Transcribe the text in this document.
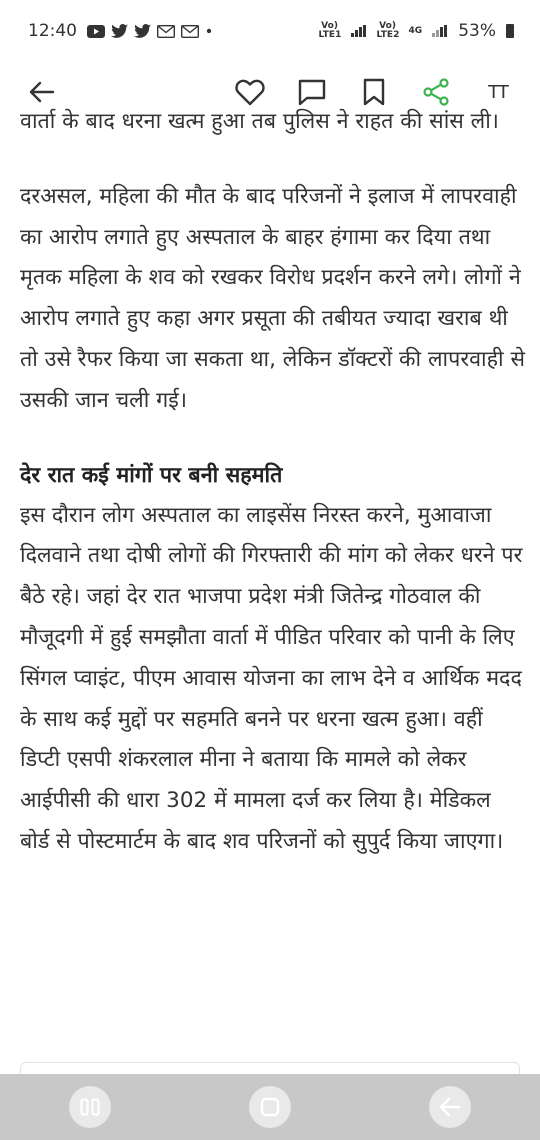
12:40	Vo) LTE1
Vo) LTE2 4G 53%
TT

वार्ता के बाद धरना खत्म हुआ तब पुलिस ने राहत की सांस ली।

दरअसल, महिला की मौत के बाद परिजनों ने इलाज में लापरवाही का आरोप लगाते हुए अस्पताल के बाहर हंगामा कर दिया तथा मृतक महिला के शव को रखकर विरोध प्रदर्शन करने लगे। लोगों ने आरोप लगाते हुए कहा अगर प्रसूता की तबीयत ज्यादा खराब थी तो उसे रैफर किया जा सकता था, लेकिन डॉक्टरों की लापरवाही से उसकी जान चली गई।

देर रात कई मांगों पर बनी सहमति

इस दौरान लोग अस्पताल का लाइसेंस निरस्त करने, मुआवाजा दिलवाने तथा दोषी लोगों की गिरफ्तारी की मांग को लेकर धरने पर बैठे रहे। जहां देर रात भाजपा प्रदेश मंत्री जितेन्द्र गोठवाल की मौजूदगी में हुई समझौता वार्ता में पीडित परिवार को पानी के लिए सिंगल प्वाइंट, पीएम आवास योजना का लाभ देने व आर्थिक मदद के साथ कई मुद्दों पर सहमति बनने पर धरना खत्म हुआ। वहीं डिप्टी एसपी शंकरलाल मीना ने बताया कि मामले को लेकर आईपीसी की धारा 302 में मामला दर्ज कर लिया है। मेडिकल बोर्ड से पोस्टमार्टम के बाद शव परिजनों को सुपुर्द किया जाएगा।
